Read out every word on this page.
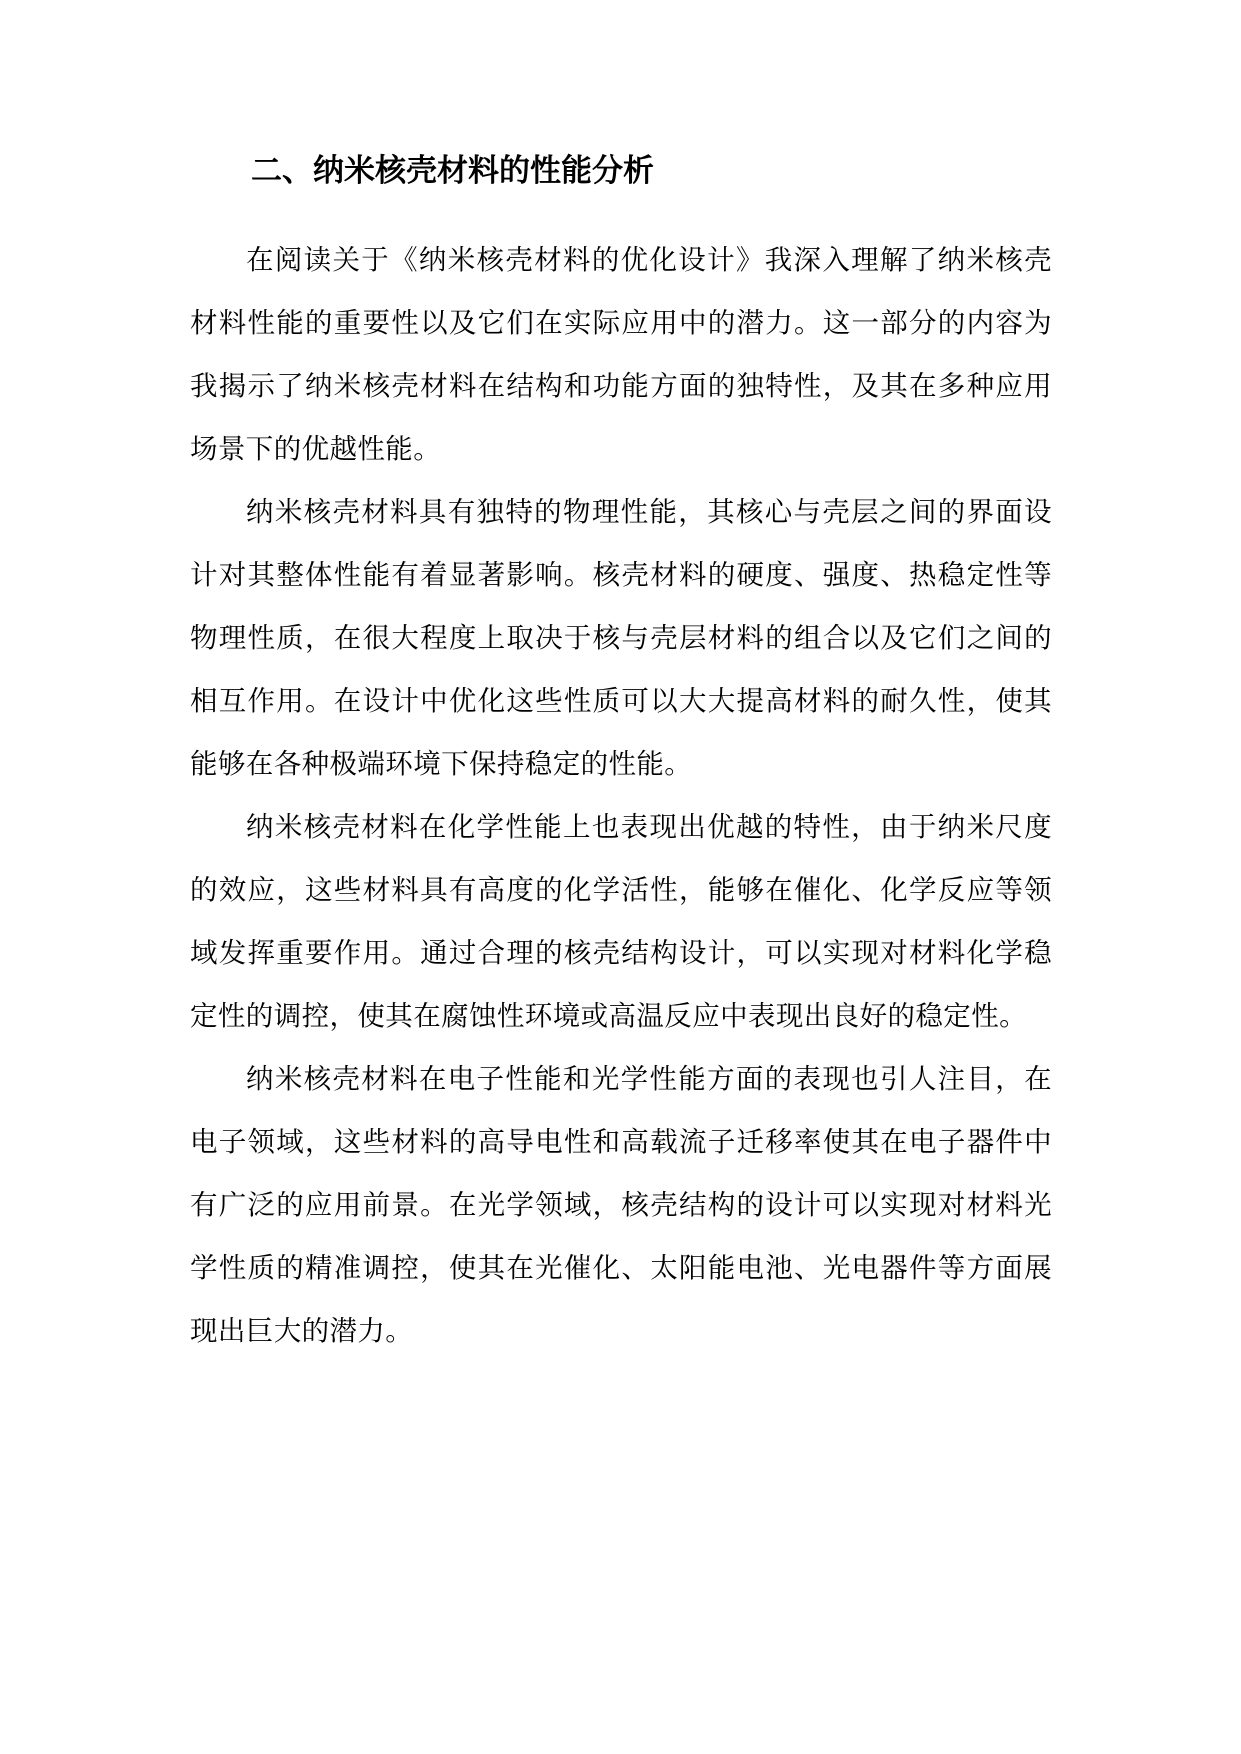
二、纳米核壳材料的性能分析

在阅读关于《纳米核壳材料的优化设计》我深入理解了纳米核壳材料性能的重要性以及它们在实际应用中的潜力。这一部分的内容为我揭示了纳米核壳材料在结构和功能方面的独特性，及其在多种应用场景下的优越性能。

纳米核壳材料具有独特的物理性能，其核心与壳层之间的界面设计对其整体性能有着显著影响。核壳材料的硬度、强度、热稳定性等物理性质，在很大程度上取决于核与壳层材料的组合以及它们之间的相互作用。在设计中优化这些性质可以大大提高材料的耐久性，使其能够在各种极端环境下保持稳定的性能。

纳米核壳材料在化学性能上也表现出优越的特性，由于纳米尺度的效应，这些材料具有高度的化学活性，能够在催化、化学反应等领域发挥重要作用。通过合理的核壳结构设计，可以实现对材料化学稳定性的调控，使其在腐蚀性环境或高温反应中表现出良好的稳定性。

纳米核壳材料在电子性能和光学性能方面的表现也引人注目，在电子领域，这些材料的高导电性和高载流子迁移率使其在电子器件中有广泛的应用前景。在光学领域，核壳结构的设计可以实现对材料光学性质的精准调控，使其在光催化、太阳能电池、光电器件等方面展现出巨大的潜力。
